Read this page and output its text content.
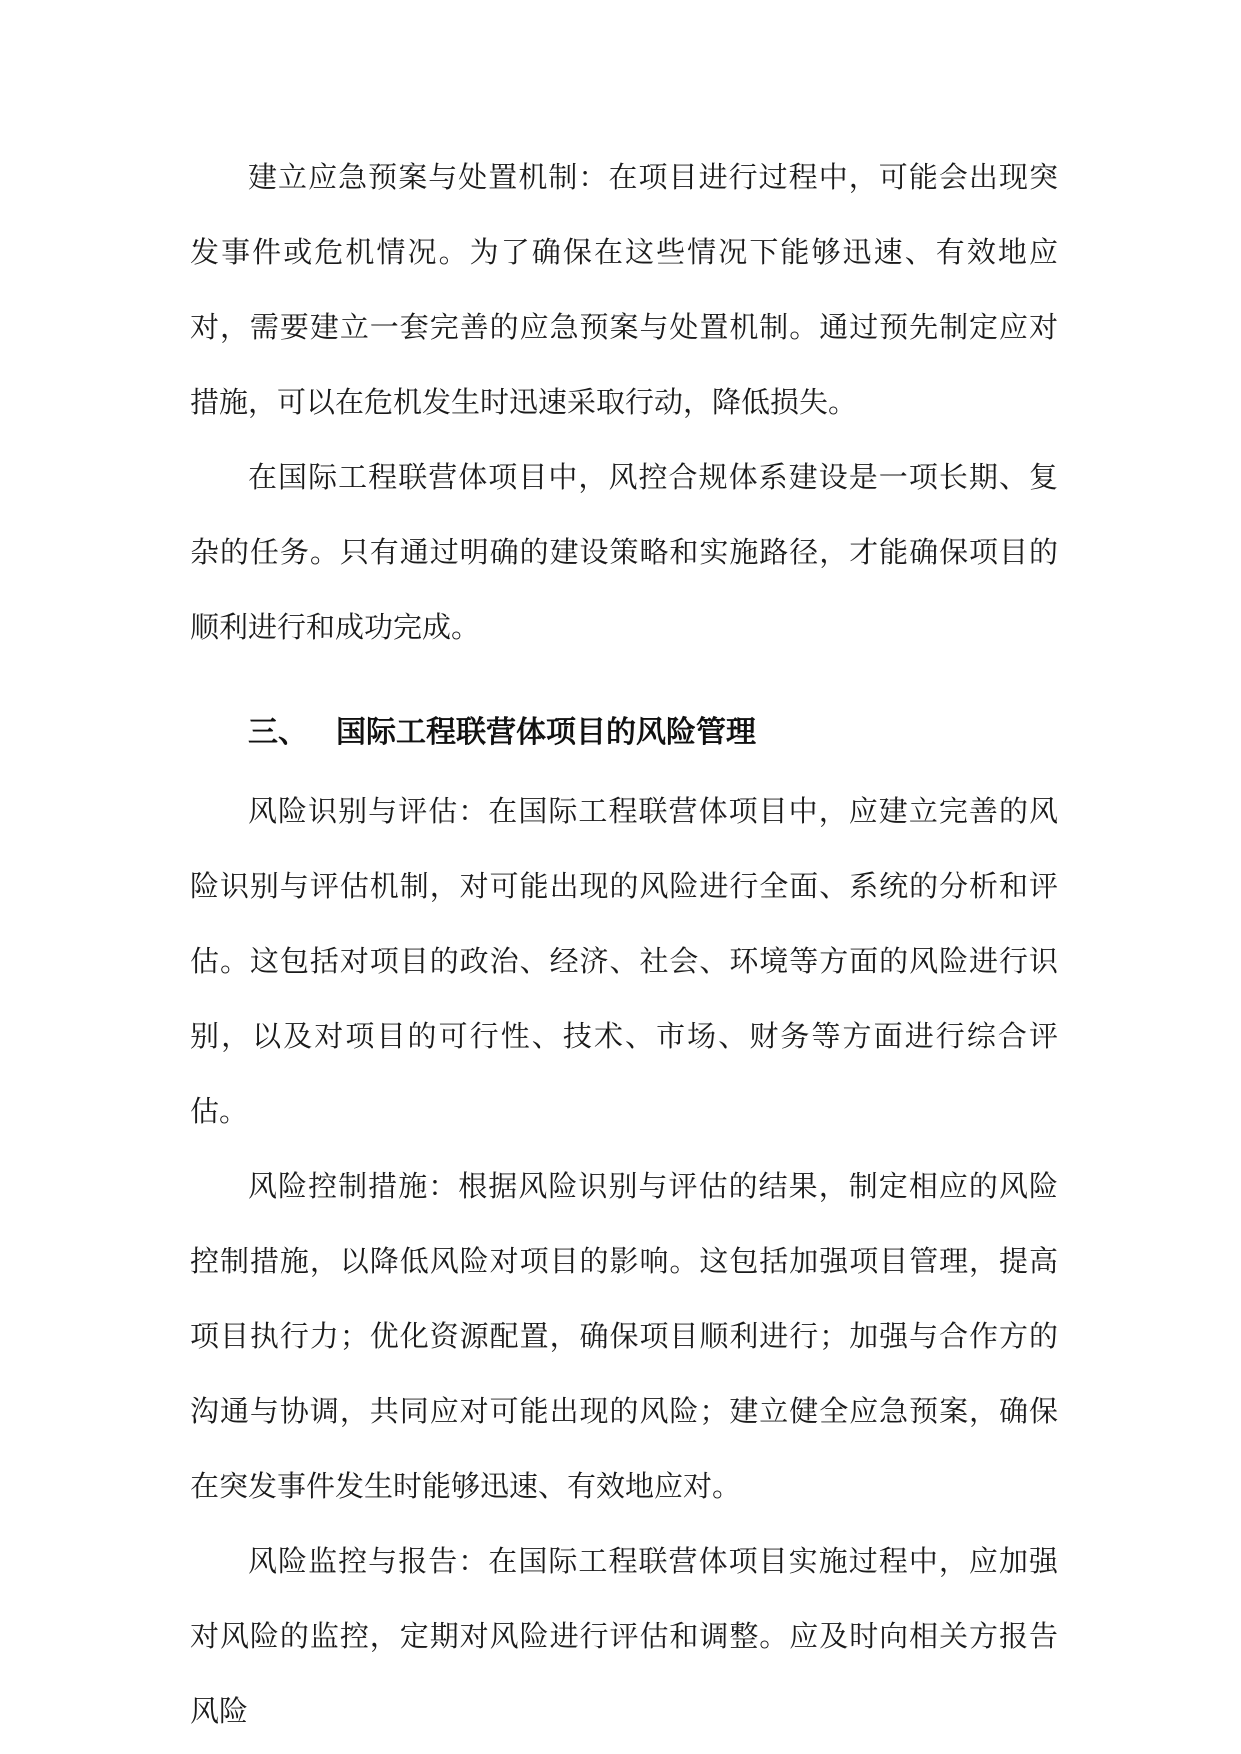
建立应急预案与处置机制：在项目进行过程中，可能会出现突发事件或危机情况。为了确保在这些情况下能够迅速、有效地应对，需要建立一套完善的应急预案与处置机制。通过预先制定应对措施，可以在危机发生时迅速采取行动，降低损失。

在国际工程联营体项目中，风控合规体系建设是一项长期、复杂的任务。只有通过明确的建设策略和实施路径，才能确保项目的顺利进行和成功完成。

三、 国际工程联营体项目的风险管理

风险识别与评估：在国际工程联营体项目中，应建立完善的风险识别与评估机制，对可能出现的风险进行全面、系统的分析和评估。这包括对项目的政治、经济、社会、环境等方面的风险进行识别，以及对项目的可行性、技术、市场、财务等方面进行综合评估。

风险控制措施：根据风险识别与评估的结果，制定相应的风险控制措施，以降低风险对项目的影响。这包括加强项目管理，提高项目执行力；优化资源配置，确保项目顺利进行；加强与合作方的沟通与协调，共同应对可能出现的风险；建立健全应急预案，确保在突发事件发生时能够迅速、有效地应对。

风险监控与报告：在国际工程联营体项目实施过程中，应加强对风险的监控，定期对风险进行评估和调整。应及时向相关方报告风险
